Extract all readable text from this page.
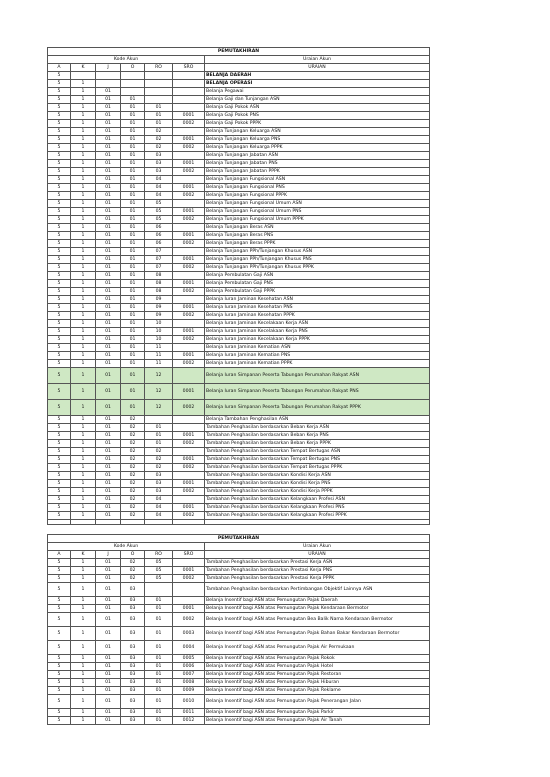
PEMUTAKHIRAN						
Kode Akun						Uraian Akun
A	K	J	O	RO	SRO	URAIAN
5						BELANJA DAERAH
5	1					BELANJA OPERASI
5	1	01				Belanja Pegawai
5	1	01	01			Belanja Gaji dan Tunjangan ASN
5	1	01	01	01		Belanja Gaji Pokok ASN
5	1	01	01	01	0001	Belanja Gaji Pokok PNS
5	1	01	01	01	0002	Belanja Gaji Pokok PPPK
5	1	01	01	02		Belanja Tunjangan Keluarga ASN
5	1	01	01	02	0001	Belanja Tunjangan Keluarga PNS
5	1	01	01	02	0002	Belanja Tunjangan Keluarga PPPK
5	1	01	01	03		Belanja Tunjangan Jabatan ASN
5	1	01	01	03	0001	Belanja Tunjangan Jabatan PNS
5	1	01	01	03	0002	Belanja Tunjangan Jabatan PPPK
5	1	01	01	04		Belanja Tunjangan Fungsional ASN
5	1	01	01	04	0001	Belanja Tunjangan Fungsional PNS
5	1	01	01	04	0002	Belanja Tunjangan Fungsional PPPK
5	1	01	01	05		Belanja Tunjangan Fungsional Umum ASN
5	1	01	01	05	0001	Belanja Tunjangan Fungsional Umum PNS
5	1	01	01	05	0002	Belanja Tunjangan Fungsional Umum PPPK
5	1	01	01	06		Belanja Tunjangan Beras ASN
5	1	01	01	06	0001	Belanja Tunjangan Beras PNS
5	1	01	01	06	0002	Belanja Tunjangan Beras PPPK
5	1	01	01	07		Belanja Tunjangan PPh/Tunjangan Khusus ASN
5	1	01	01	07	0001	Belanja Tunjangan PPh/Tunjangan Khusus PNS
5	1	01	01	07	0002	Belanja Tunjangan PPh/Tunjangan Khusus PPPK
5	1	01	01	08		Belanja Pembulatan Gaji ASN
5	1	01	01	08	0001	Belanja Pembulatan Gaji PNS
5	1	01	01	08	0002	Belanja Pembulatan Gaji PPPK
5	1	01	01	09		Belanja Iuran Jaminan Kesehatan ASN
5	1	01	01	09	0001	Belanja Iuran Jaminan Kesehatan PNS
5	1	01	01	09	0002	Belanja Iuran Jaminan Kesehatan PPPK
5	1	01	01	10		Belanja Iuran Jaminan Kecelakaan Kerja ASN
5	1	01	01	10	0001	Belanja Iuran Jaminan Kecelakaan Kerja PNS
5	1	01	01	10	0002	Belanja Iuran Jaminan Kecelakaan Kerja PPPK
5	1	01	01	11		Belanja Iuran Jaminan Kematian ASN
5	1	01	01	11	0001	Belanja Iuran Jaminan Kematian PNS
5	1	01	01	11	0002	Belanja Iuran Jaminan Kematian PPPK
5	1	01	01	12		Belanja Iuran Simpanan Peserta Tabungan Perumahan Rakyat ASN
5	1	01	01	12	0001	Belanja Iuran Simpanan Peserta Tabungan Perumahan Rakyat PNS
5	1	01	01	12	0002	Belanja Iuran Simpanan Peserta Tabungan Perumahan Rakyat PPPK
5	1	01	02			Belanja Tambahan Penghasilan ASN
5	1	01	02	01		Tambahan Penghasilan berdasarkan Beban Kerja ASN
5	1	01	02	01	0001	Tambahan Penghasilan berdasarkan Beban Kerja PNS
5	1	01	02	01	0002	Tambahan Penghasilan berdasarkan Beban Kerja PPPK
5	1	01	02	02		Tambahan Penghasilan berdasarkan Tempat Bertugas ASN
5	1	01	02	02	0001	Tambahan Penghasilan berdasarkan Tempat Bertugas PNS
5	1	01	02	02	0002	Tambahan Penghasilan berdasarkan Tempat Bertugas PPPK
5	1	01	02	03		Tambahan Penghasilan berdasarkan Kondisi Kerja ASN
5	1	01	02	03	0001	Tambahan Penghasilan berdasarkan Kondisi Kerja PNS
5	1	01	02	03	0002	Tambahan Penghasilan berdasarkan Kondisi Kerja PPPK
5	1	01	02	04		Tambahan Penghasilan berdasarkan Kelangkaan Profesi ASN
5	1	01	02	04	0001	Tambahan Penghasilan berdasarkan Kelangkaan Profesi PNS
5	1	01	02	04	0002	Tambahan Penghasilan berdasarkan Kelangkaan Profesi PPPK

PEMUTAKHIRAN						
Kode Akun						Uraian Akun
A	K	J	O	RO	SRO	URAIAN
5	1	01	02	05		Tambahan Penghasilan berdasarkan Prestasi Kerja ASN
5	1	01	02	05	0001	Tambahan Penghasilan berdasarkan Prestasi Kerja PNS
5	1	01	02	05	0002	Tambahan Penghasilan berdasarkan Prestasi Kerja PPPK
5	1	01	03			Tambahan Penghasilan berdasarkan Pertimbangan Objektif Lainnya ASN
5	1	01	03	01		Belanja Insentif bagi ASN atas Pemungutan Pajak Daerah
5	1	01	03	01	0001	Belanja Insentif bagi ASN atas Pemungutan Pajak Kendaraan Bermotor
5	1	01	03	01	0002	Belanja Insentif bagi ASN atas Pemungutan Bea Balik Nama Kendaraan Bermotor
5	1	01	03	01	0003	Belanja Insentif bagi ASN atas Pemungutan Pajak Bahan Bakar Kendaraan Bermotor
5	1	01	03	01	0004	Belanja Insentif bagi ASN atas Pemungutan Pajak Air Permukaan
5	1	01	03	01	0005	Belanja Insentif bagi ASN atas Pemungutan Pajak Rokok
5	1	01	03	01	0006	Belanja Insentif bagi ASN atas Pemungutan Pajak Hotel
5	1	01	03	01	0007	Belanja Insentif bagi ASN atas Pemungutan Pajak Restoran
5	1	01	03	01	0008	Belanja Insentif bagi ASN atas Pemungutan Pajak Hiburan
5	1	01	03	01	0009	Belanja Insentif bagi ASN atas Pemungutan Pajak Reklame
5	1	01	03	01	0010	Belanja Insentif bagi ASN atas Pemungutan Pajak Penerangan Jalan
5	1	01	03	01	0011	Belanja Insentif bagi ASN atas Pemungutan Pajak Parkir
5	1	01	03	01	0012	Belanja Insentif bagi ASN atas Pemungutan Pajak Air Tanah
